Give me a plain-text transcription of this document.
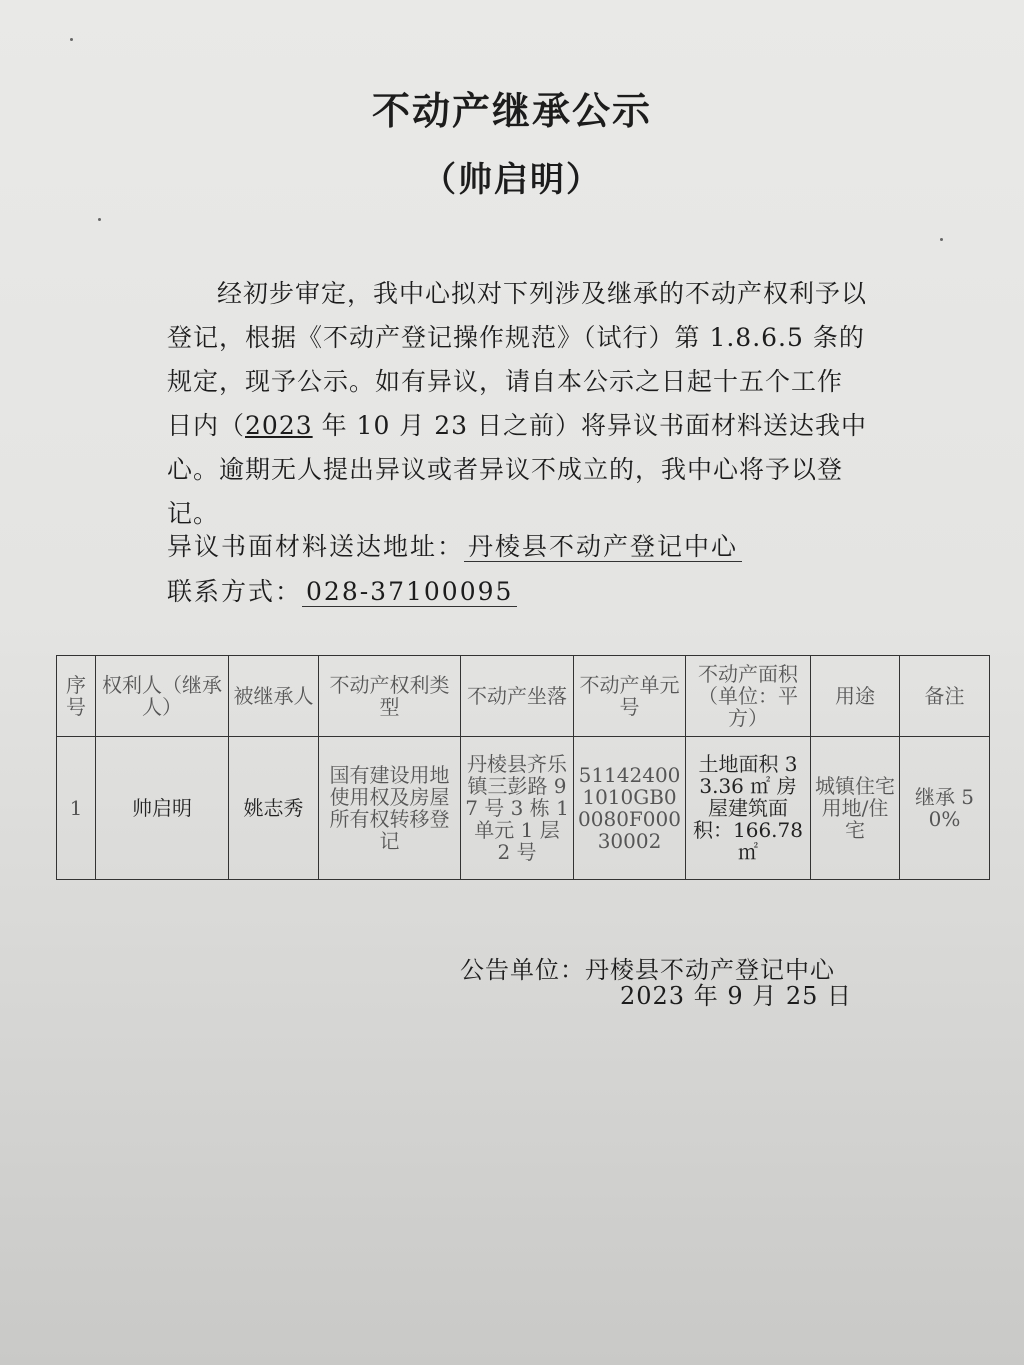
不动产继承公示
（帅启明）
经初步审定，我中心拟对下列涉及继承的不动产权利予以登记，根据《不动产登记操作规范》（试行）第 1.8.6.5 条的规定，现予公示。如有异议，请自本公示之日起十五个工作日内（2023 年 10 月 23 日之前）将异议书面材料送达我中心。逾期无人提出异议或者异议不成立的，我中心将予以登记。
异议书面材料送达地址： 丹棱县不动产登记中心
联系方式： 028-37100095
序号	权利人（继承人）	被继承人	不动产权利类型	不动产坐落	不动产单元号	不动产面积（单位：平方）	用途	备注
1	帅启明	姚志秀	国有建设用地使用权及房屋所有权转移登记	丹棱县齐乐镇三彭路 97 号 3 栋 1 单元 1 层 2 号	511424001010GB00080F00030002	土地面积 33.36 ㎡ 房屋建筑面积：166.78 ㎡	城镇住宅用地/住宅	继承 50%
公告单位：丹棱县不动产登记中心
2023 年 9 月 25 日
